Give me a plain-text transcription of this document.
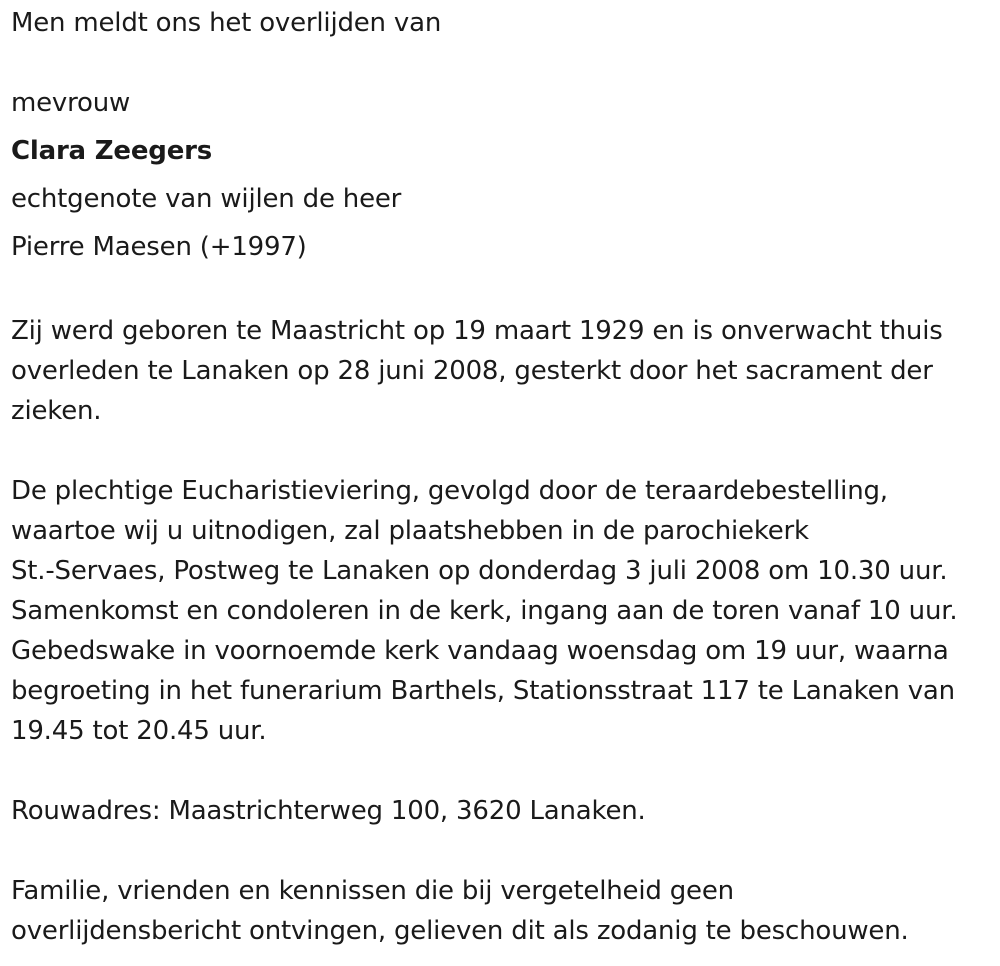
Men meldt ons het overlijden van

mevrouw

Clara Zeegers

echtgenote van wijlen de heer

Pierre Maesen (+1997)

Zij werd geboren te Maastricht op 19 maart 1929 en is onverwacht thuis
overleden te Lanaken op 28 juni 2008, gesterkt door het sacrament der
zieken.
De plechtige Eucharistieviering, gevolgd door de teraardebestelling,
waartoe wij u uitnodigen, zal plaatshebben in de parochiekerk
St.-Servaes, Postweg te Lanaken op donderdag 3 juli 2008 om 10.30 uur.
Samenkomst en condoleren in de kerk, ingang aan de toren vanaf 10 uur.
Gebedswake in voornoemde kerk vandaag woensdag om 19 uur, waarna
begroeting in het funerarium Barthels, Stationsstraat 117 te Lanaken van
19.45 tot 20.45 uur.
Rouwadres: Maastrichterweg 100, 3620 Lanaken.
Familie, vrienden en kennissen die bij vergetelheid geen
overlijdensbericht ontvingen, gelieven dit als zodanig te beschouwen.
